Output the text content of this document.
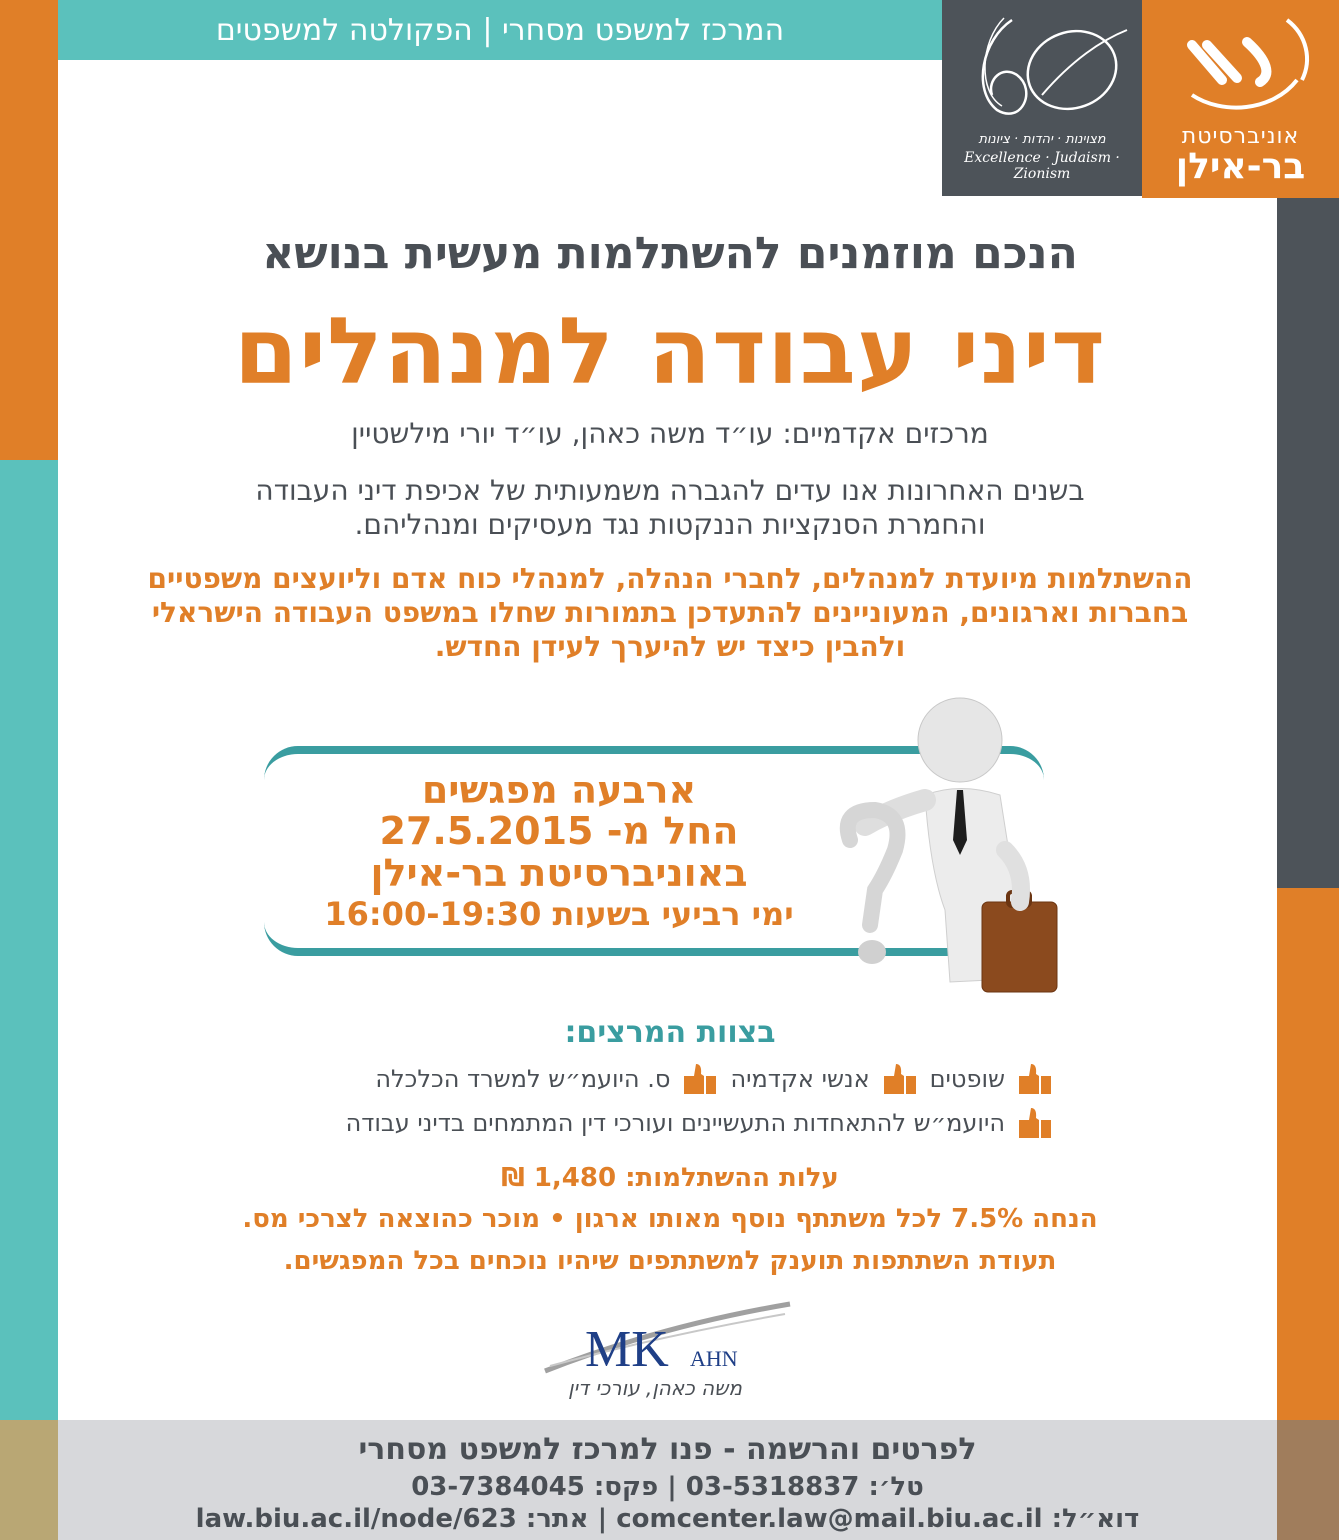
המרכז למשפט מסחרי | הפקולטה למשפטים
מצוינות · יהדות · ציונות
Excellence · Judaism · Zionism
אוניברסיטת
בר-אילן
הנכם מוזמנים להשתלמות מעשית בנושא
דיני עבודה למנהלים
מרכזים אקדמיים: עו״ד משה כאהן, עו״ד יורי מילשטיין
בשנים האחרונות אנו עדים להגברה משמעותית של אכיפת דיני העבודה
והחמרת הסנקציות הננקטות נגד מעסיקים ומנהליהם.
ההשתלמות מיועדת למנהלים, לחברי הנהלה, למנהלי כוח אדם וליועצים משפטיים
בחברות וארגונים, המעוניינים להתעדכן בתמורות שחלו במשפט העבודה הישראלי
ולהבין כיצד יש להיערך לעידן החדש.
ארבעה מפגשים
החל מ- 27.5.2015
באוניברסיטת בר-אילן
ימי רביעי בשעות 16:00-19:30
בצוות המרצים:
שופטים
אנשי אקדמיה
ס. היועמ״ש למשרד הכלכלה
היועמ״ש להתאחדות התעשיינים ועורכי דין המתמחים בדיני עבודה
עלות ההשתלמות: 1,480 ₪
הנחה 7.5% לכל משתתף נוסף מאותו ארגון • מוכר כהוצאה לצרכי מס.
תעודת השתתפות תוענק למשתתפים שיהיו נוכחים בכל המפגשים.
MK AHN
משה כאהן, עורכי דין
לפרטים והרשמה - פנו למרכז למשפט מסחרי
טל׳: 03-5318837 | פקס: 03-7384045
דוא״ל: comcenter.law@mail.biu.ac.il | אתר: law.biu.ac.il/node/623
